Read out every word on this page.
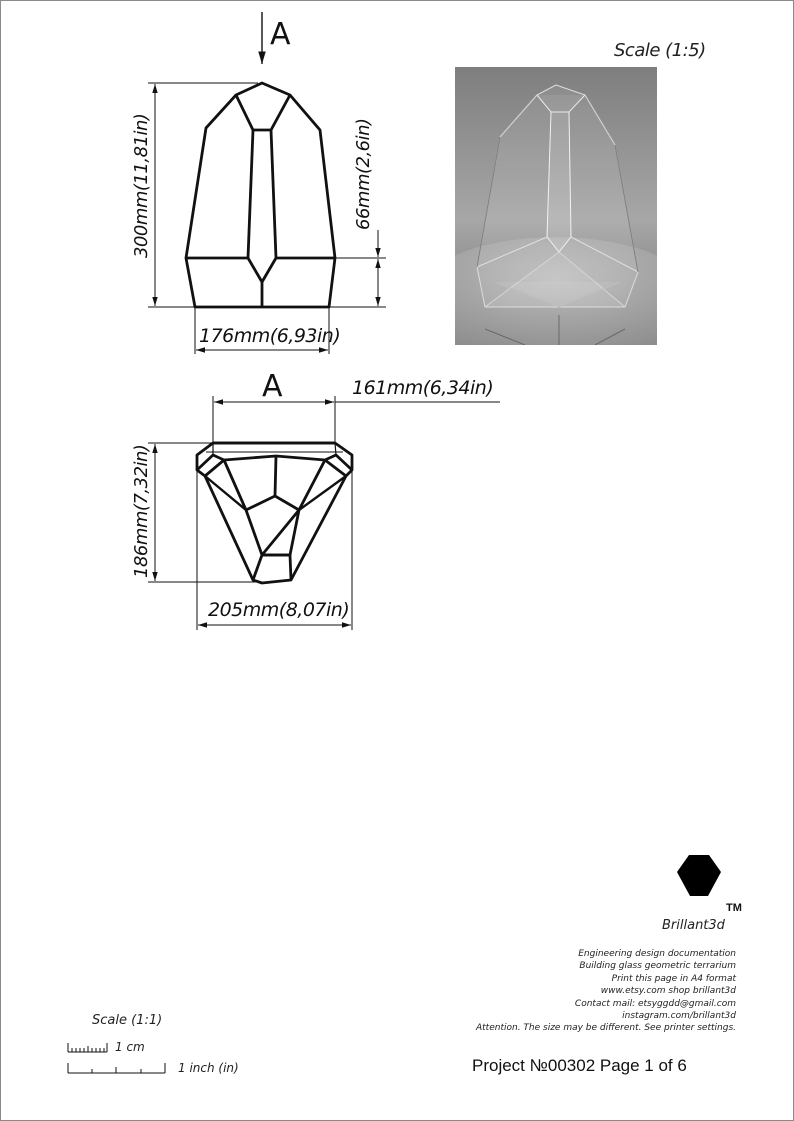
A
300mm(11,81in)	66mm(2,6in)
176mm(6,93in)
A	161mm(6,34in)
186mm(7,32in)
205mm(8,07in)
Scale (1:5)
TM
Brillant3d
Engineering design documentation
Building glass geometric terrarium
Print this page in A4 format
www.etsy.com shop brillant3d
Contact mail: etsyggdd@gmail.com
instagram.com/brillant3d
Attention. The size may be different. See printer settings.
Project №00302 Page 1 of 6
Scale (1:1)
1 cm
1 inch (in)
